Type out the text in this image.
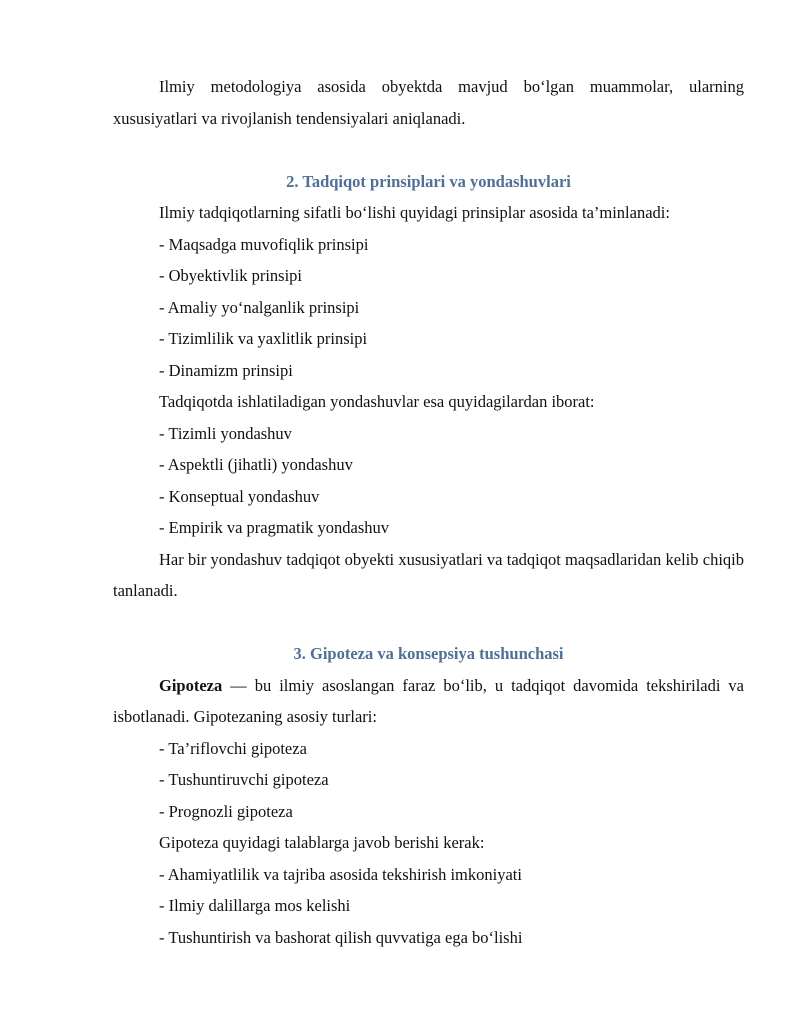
Ilmiy metodologiya asosida obyektda mavjud bo‘lgan muammolar, ularning xususiyatlari va rivojlanish tendensiyalari aniqlanadi.

2. Tadqiqot prinsiplari va yondashuvlari

Ilmiy tadqiqotlarning sifatli bo‘lishi quyidagi prinsiplar asosida ta’minlanadi:

- Maqsadga muvofiqlik prinsipi

- Obyektivlik prinsipi

- Amaliy yo‘nalganlik prinsipi

- Tizimlilik va yaxlitlik prinsipi

- Dinamizm prinsipi

Tadqiqotda ishlatiladigan yondashuvlar esa quyidagilardan iborat:

- Tizimli yondashuv

- Aspektli (jihatli) yondashuv

- Konseptual yondashuv

- Empirik va pragmatik yondashuv

Har bir yondashuv tadqiqot obyekti xususiyatlari va tadqiqot maqsadlaridan kelib chiqib tanlanadi.

3. Gipoteza va konsepsiya tushunchasi

Gipoteza — bu ilmiy asoslangan faraz bo‘lib, u tadqiqot davomida tekshiriladi va isbotlanadi. Gipotezaning asosiy turlari:

- Ta’riflovchi gipoteza

- Tushuntiruvchi gipoteza

- Prognozli gipoteza

Gipoteza quyidagi talablarga javob berishi kerak:

- Ahamiyatlilik va tajriba asosida tekshirish imkoniyati

- Ilmiy dalillarga mos kelishi

- Tushuntirish va bashorat qilish quvvatiga ega bo‘lishi
